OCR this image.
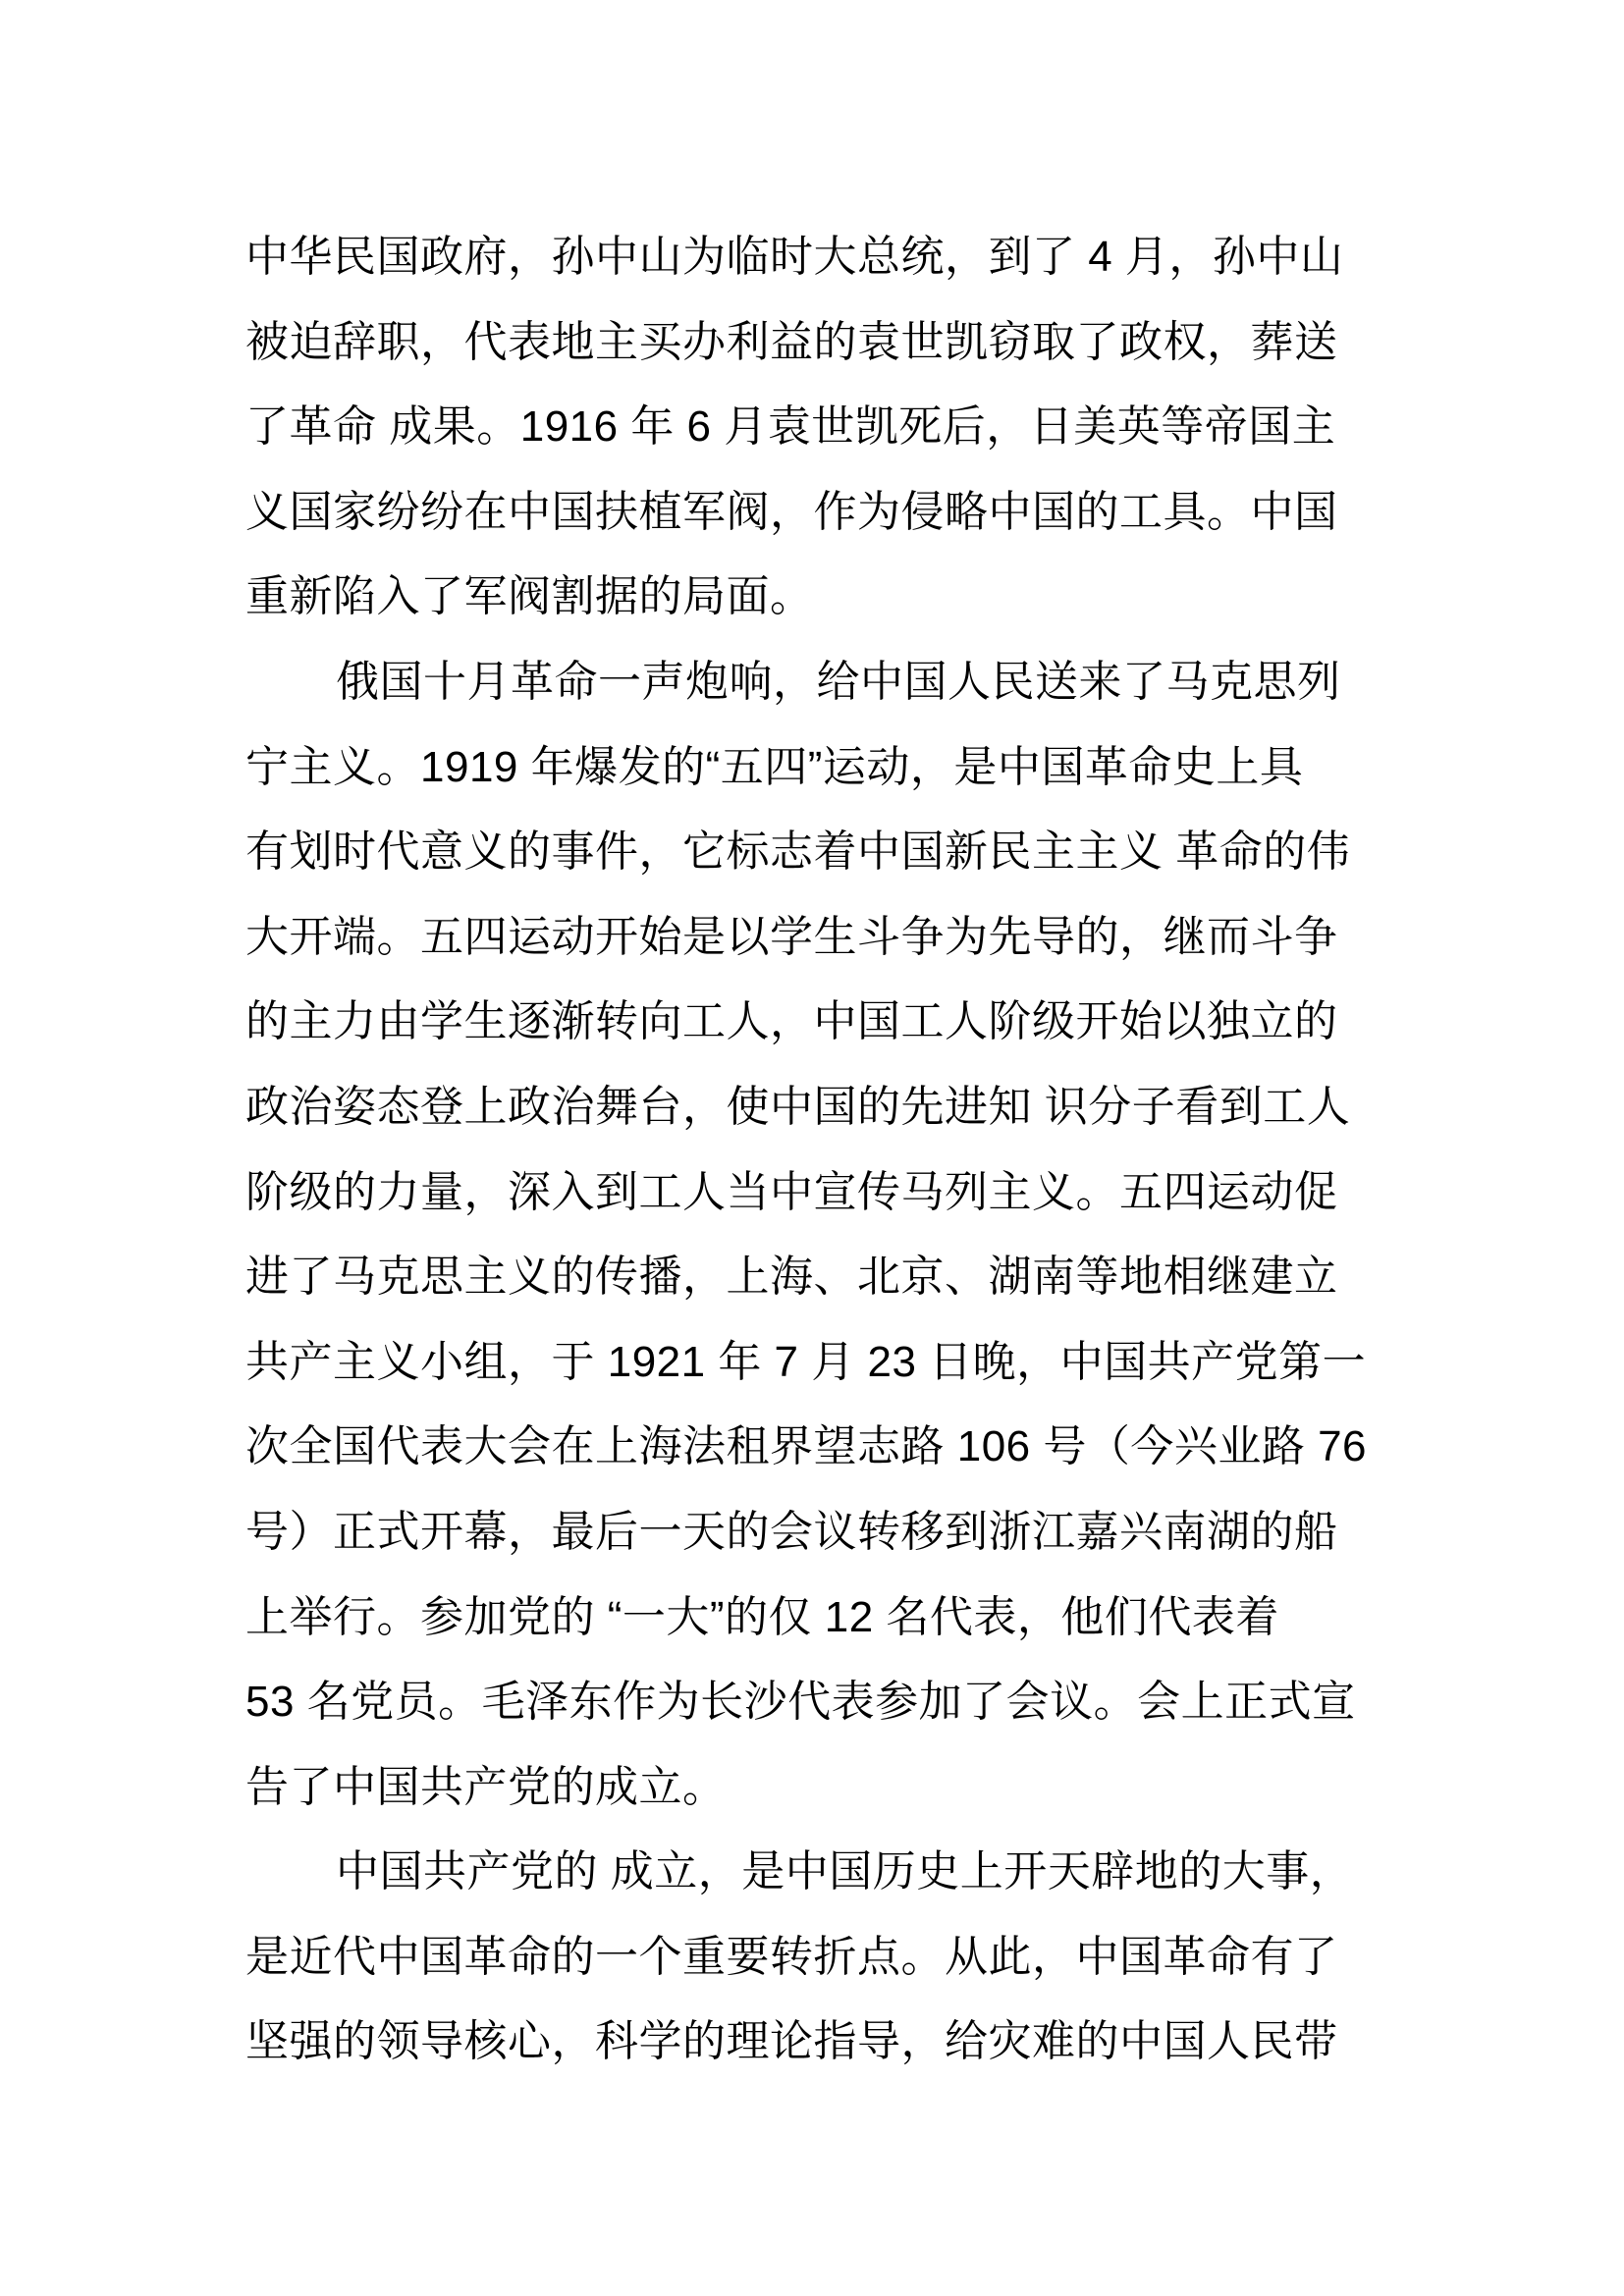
中华民国政府，孙中山为临时大总统，到了 4 月，孙中山
被迫辞职，代表地主买办利益的袁世凯窃取了政权，葬送
了革命 成果。1916 年 6 月袁世凯死后，日美英等帝国主
义国家纷纷在中国扶植军阀，作为侵略中国的工具。中国
重新陷入了军阀割据的局面。
俄国十月革命一声炮响，给中国人民送来了马克思列
宁主义。1919 年爆发的“五四”运动，是中国革命史上具
有划时代意义的事件，它标志着中国新民主主义 革命的伟
大开端。五四运动开始是以学生斗争为先导的，继而斗争
的主力由学生逐渐转向工人，中国工人阶级开始以独立的
政治姿态登上政治舞台，使中国的先进知 识分子看到工人
阶级的力量，深入到工人当中宣传马列主义。五四运动促
进了马克思主义的传播，上海、北京、湖南等地相继建立
共产主义小组，于 1921 年 7 月 23 日晚，中国共产党第一
次全国代表大会在上海法租界望志路 106 号（今兴业路 76
号）正式开幕，最后一天的会议转移到浙江嘉兴南湖的船
上举行。参加党的 “一大”的仅 12 名代表，他们代表着
53 名党员。毛泽东作为长沙代表参加了会议。会上正式宣
告了中国共产党的成立。
中国共产党的 成立，是中国历史上开天辟地的大事，
是近代中国革命的一个重要转折点。从此，中国革命有了
坚强的领导核心，科学的理论指导，给灾难的中国人民带
